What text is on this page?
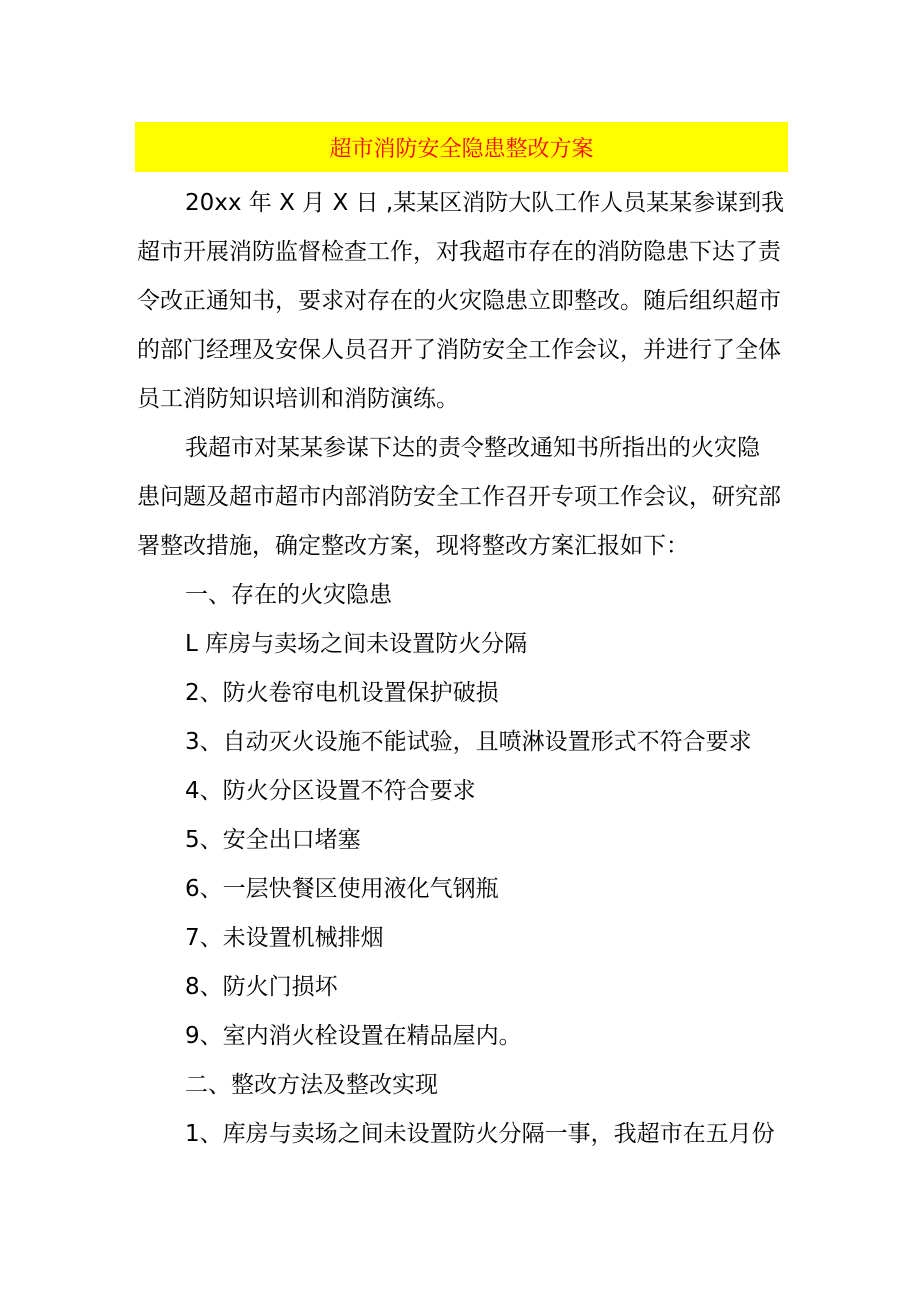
超市消防安全隐患整改方案
20xx 年 X 月 X 日 ,某某区消防大队工作人员某某参谋到我
超市开展消防监督检查工作，对我超市存在的消防隐患下达了责
令改正通知书，要求对存在的火灾隐患立即整改。随后组织超市
的部门经理及安保人员召开了消防安全工作会议，并进行了全体
员工消防知识培训和消防演练。
我超市对某某参谋下达的责令整改通知书所指出的火灾隐
患问题及超市超市内部消防安全工作召开专项工作会议，研究部
署整改措施，确定整改方案，现将整改方案汇报如下：
一、存在的火灾隐患
L 库房与卖场之间未设置防火分隔
2、防火卷帘电机设置保护破损
3、自动灭火设施不能试验，且喷淋设置形式不符合要求
4、防火分区设置不符合要求
5、安全出口堵塞
6、一层快餐区使用液化气钢瓶
7、未设置机械排烟
8、防火门损坏
9、室内消火栓设置在精品屋内。
二、整改方法及整改实现
1、库房与卖场之间未设置防火分隔一事，我超市在五月份
